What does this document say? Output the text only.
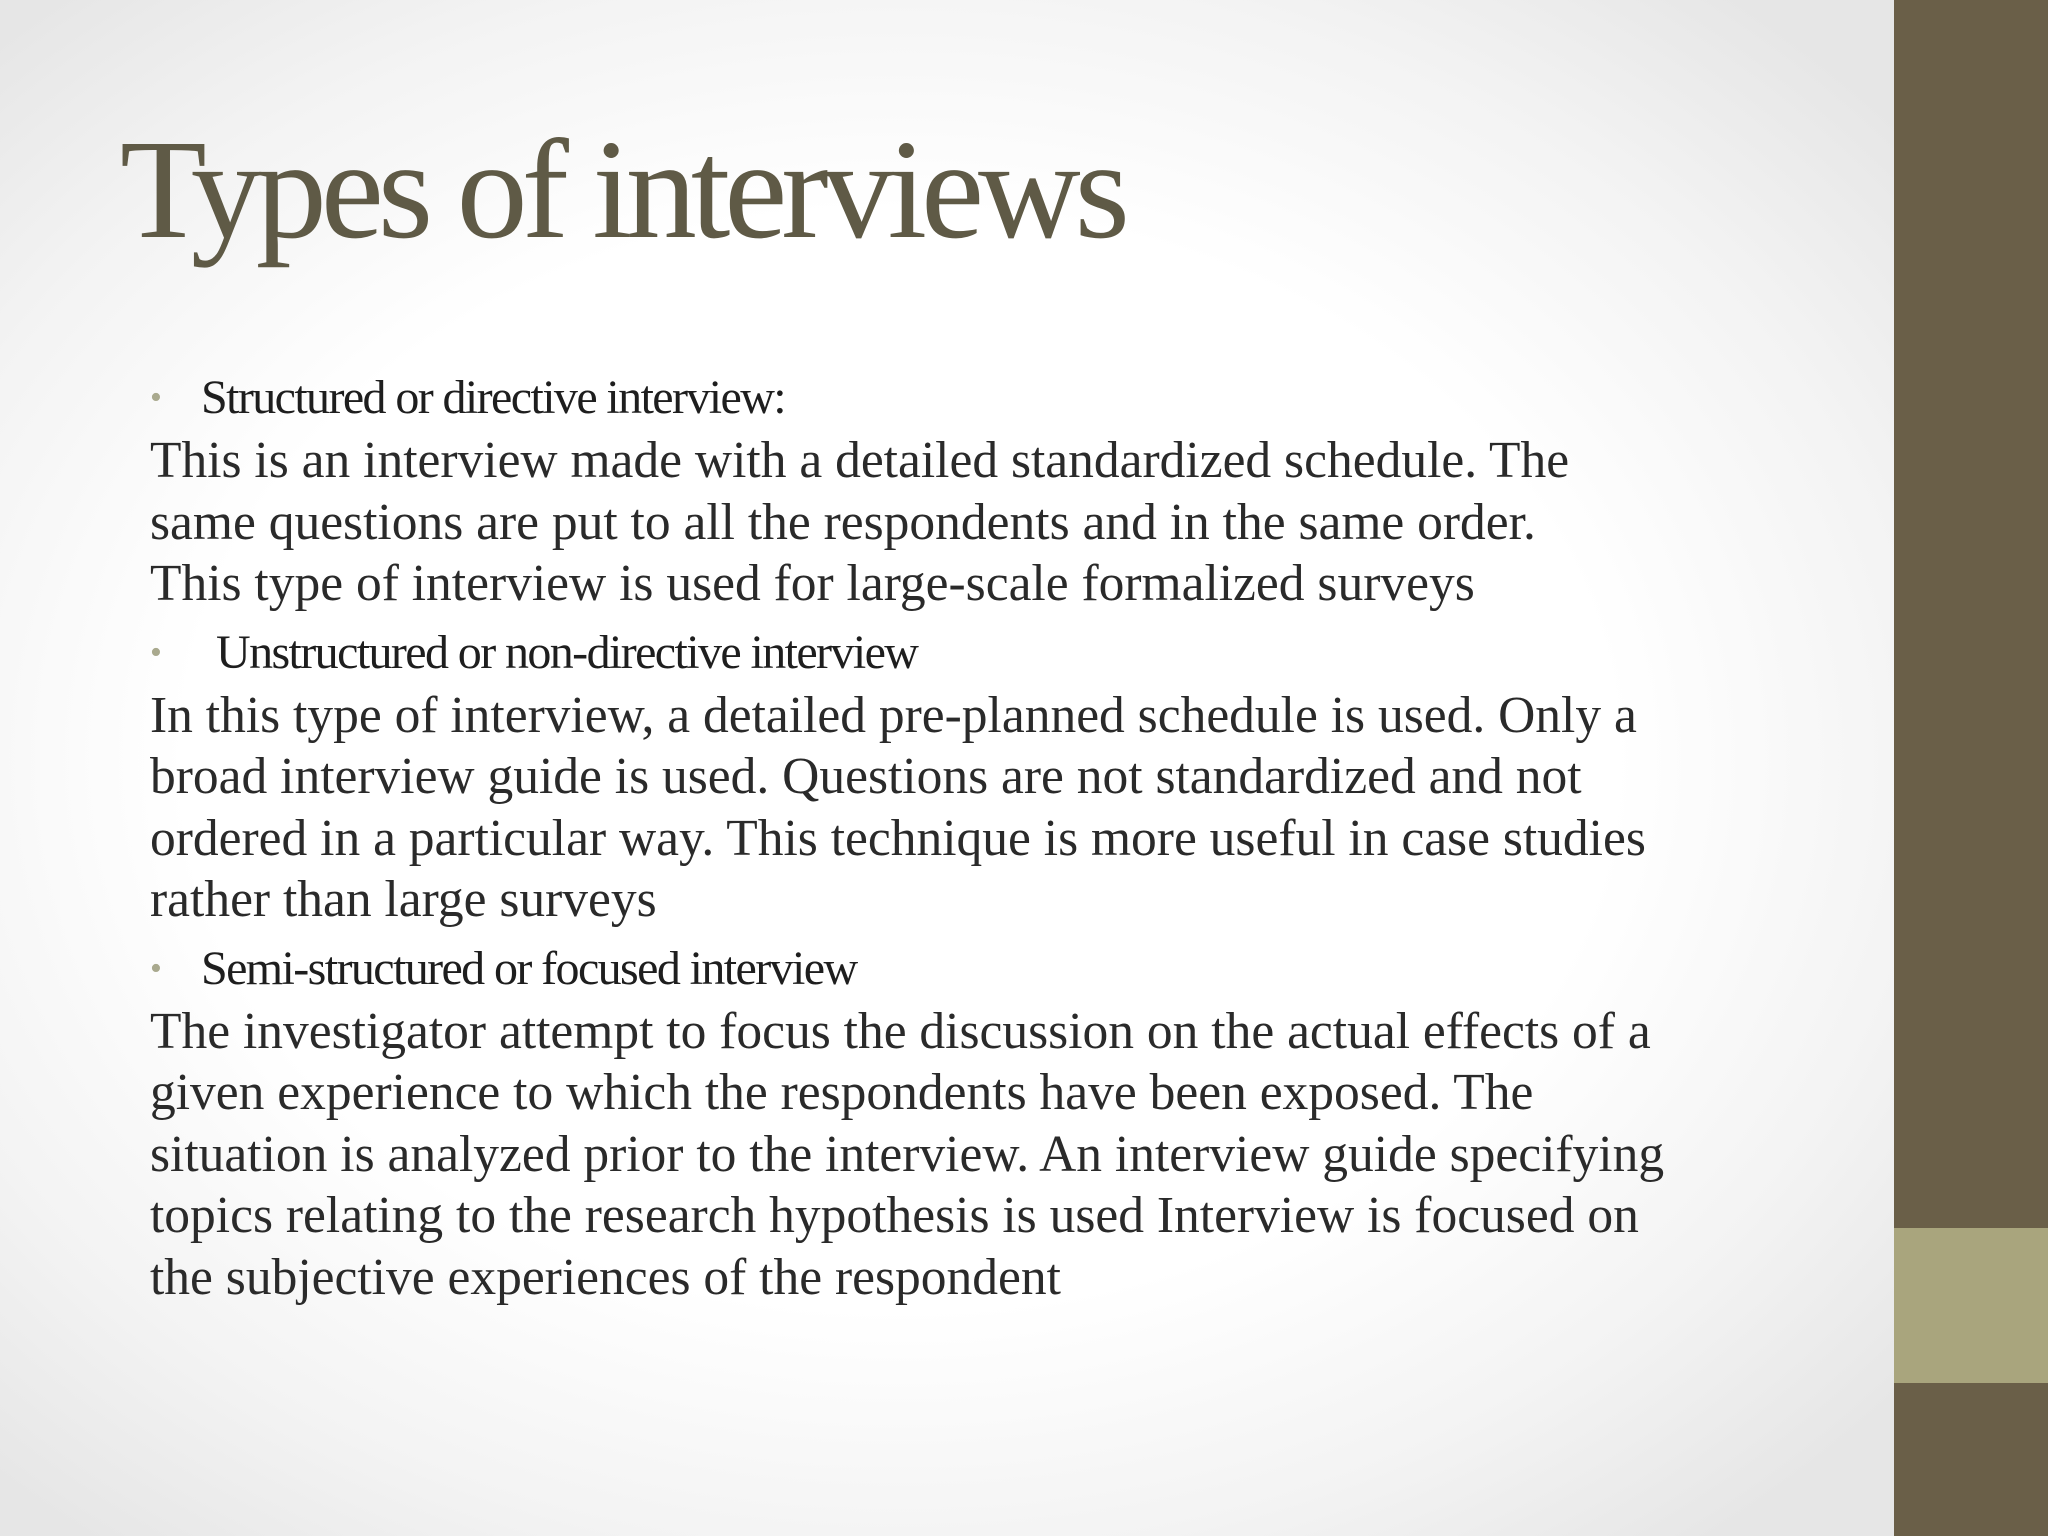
Types of interviews
• Structured or directive interview:

This is an interview made with a detailed standardized schedule. The
same questions are put to all the respondents and in the same order.
This type of interview is used for large-scale formalized surveys

• Unstructured or non-directive interview

In this type of interview, a detailed pre-planned schedule is used. Only a
broad interview guide is used. Questions are not standardized and not
ordered in a particular way. This technique is more useful in case studies
rather than large surveys

• Semi-structured or focused interview

The investigator attempt to focus the discussion on the actual effects of a
given experience to which the respondents have been exposed. The
situation is analyzed prior to the interview. An interview guide specifying
topics relating to the research hypothesis is used Interview is focused on
the subjective experiences of the respondent
